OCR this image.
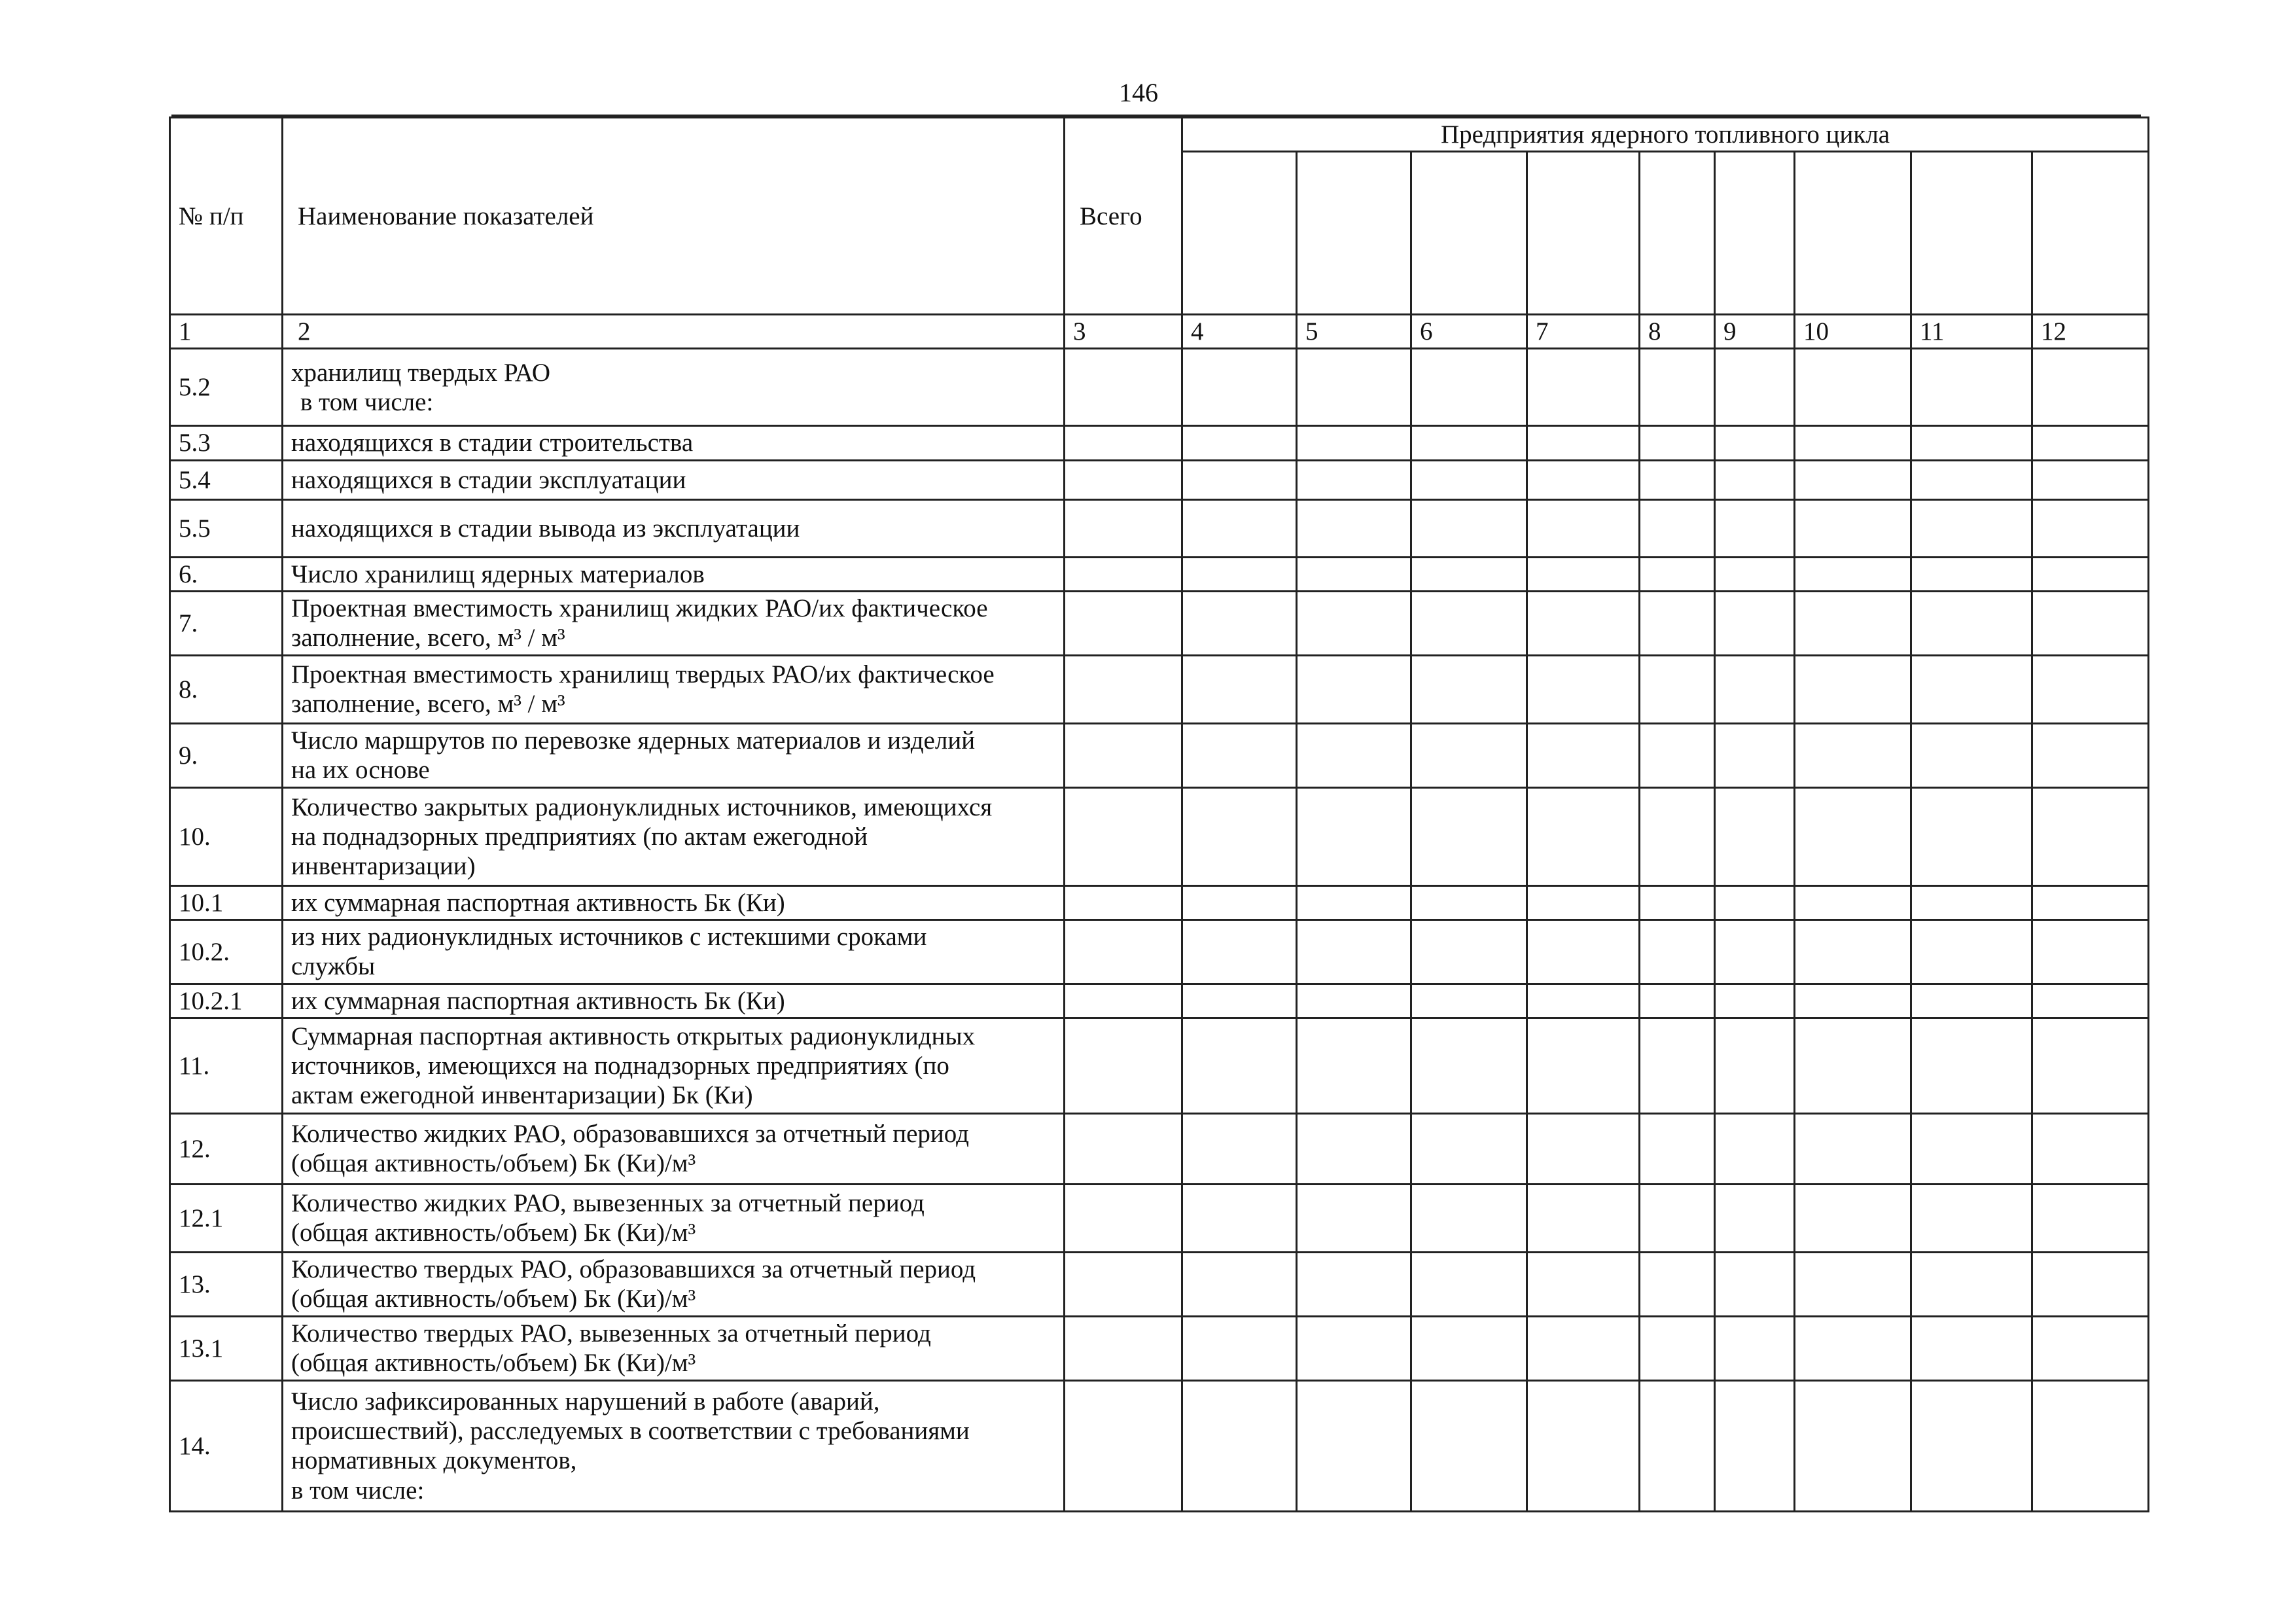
146
№ п/п	Наименование показателей	Всего	Предприятия ядерного топливного цикла								

1	2	3	4	5	6	7	8	9	10	11	12
5.2	хранилищ твердых РАО
в том числе:										

5.3	находящихся в стадии строительства										

5.4	находящихся в стадии эксплуатации										

5.5	находящихся в стадии вывода из эксплуатации										

6.	Число хранилищ ядерных материалов										

7.	Проектная вместимость хранилищ жидких РАО/их фактическое
заполнение, всего, м³ / м³										

8.	Проектная вместимость хранилищ твердых РАО/их фактическое
заполнение, всего, м³ / м³										

9.	Число маршрутов по перевозке ядерных материалов и изделий
на их основе										

10.	Количество закрытых радионуклидных источников, имеющихся
на поднадзорных предприятиях (по актам ежегодной
инвентаризации)										

10.1	их суммарная паспортная активность Бк (Ки)										

10.2.	из них радионуклидных источников с истекшими сроками
службы										

10.2.1	их суммарная паспортная активность Бк (Ки)										

11.	Суммарная паспортная активность открытых радионуклидных
источников, имеющихся на поднадзорных предприятиях (по
актам ежегодной инвентаризации) Бк (Ки)										

12.	Количество жидких РАО, образовавшихся за отчетный период
(общая активность/объем) Бк (Ки)/м³										

12.1	Количество жидких РАО, вывезенных за отчетный период
(общая активность/объем) Бк (Ки)/м³										

13.	Количество твердых РАО, образовавшихся за отчетный период
(общая активность/объем) Бк (Ки)/м³										

13.1	Количество твердых РАО, вывезенных за отчетный период
(общая активность/объем) Бк (Ки)/м³										

14.	Число зафиксированных нарушений в работе (аварий,
происшествий), расследуемых в соответствии с требованиями
нормативных документов,
в том числе:										
